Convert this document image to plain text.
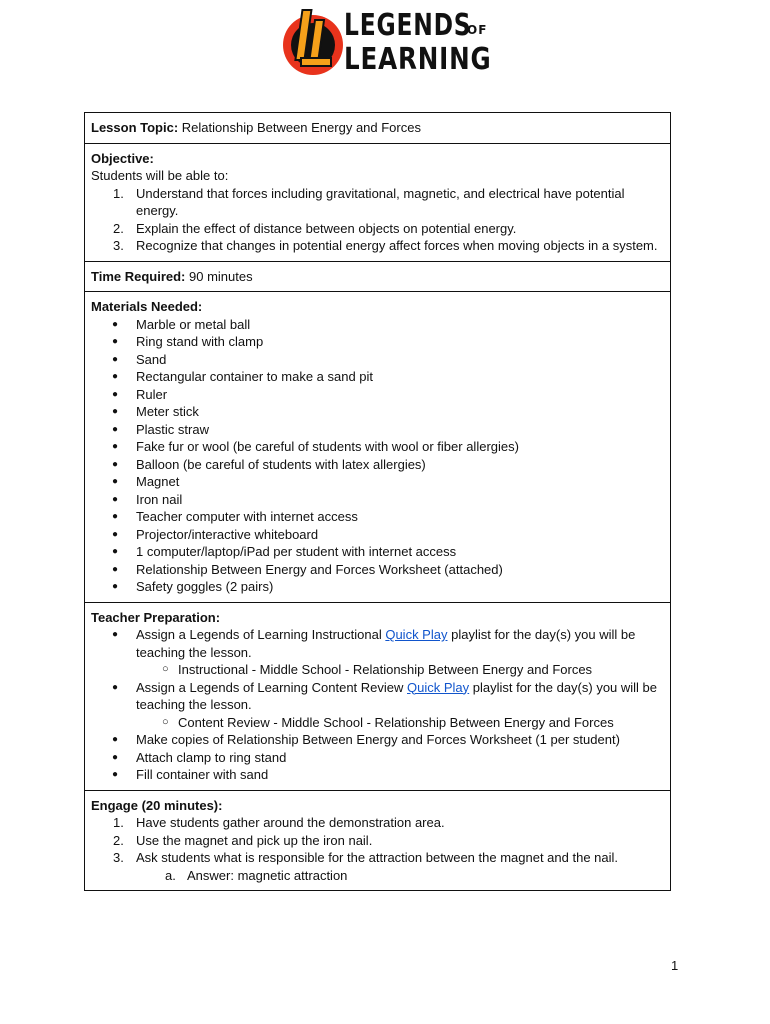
LEGENDS
OF
LEARNING
Lesson Topic: Relationship Between Energy and Forces
Objective:
Students will be able to:
1. Understand that forces including gravitational, magnetic, and electrical have potential energy.
2. Explain the effect of distance between objects on potential energy.
3. Recognize that changes in potential energy affect forces when moving objects in a system.
Time Required: 90 minutes
Materials Needed:
● Marble or metal ball
● Ring stand with clamp
● Sand
● Rectangular container to make a sand pit
● Ruler
● Meter stick
● Plastic straw
● Fake fur or wool (be careful of students with wool or fiber allergies)
● Balloon (be careful of students with latex allergies)
● Magnet
● Iron nail
● Teacher computer with internet access
● Projector/interactive whiteboard
● 1 computer/laptop/iPad per student with internet access
● Relationship Between Energy and Forces Worksheet (attached)
● Safety goggles (2 pairs)
Teacher Preparation:
● Assign a Legends of Learning Instructional Quick Play playlist for the day(s) you will be teaching the lesson.
○ Instructional - Middle School - Relationship Between Energy and Forces
● Assign a Legends of Learning Content Review Quick Play playlist for the day(s) you will be teaching the lesson.
○ Content Review - Middle School - Relationship Between Energy and Forces
● Make copies of Relationship Between Energy and Forces Worksheet (1 per student)
● Attach clamp to ring stand
● Fill container with sand
Engage (20 minutes):
1. Have students gather around the demonstration area.
2. Use the magnet and pick up the iron nail.
3. Ask students what is responsible for the attraction between the magnet and the nail.
a. Answer: magnetic attraction
1
